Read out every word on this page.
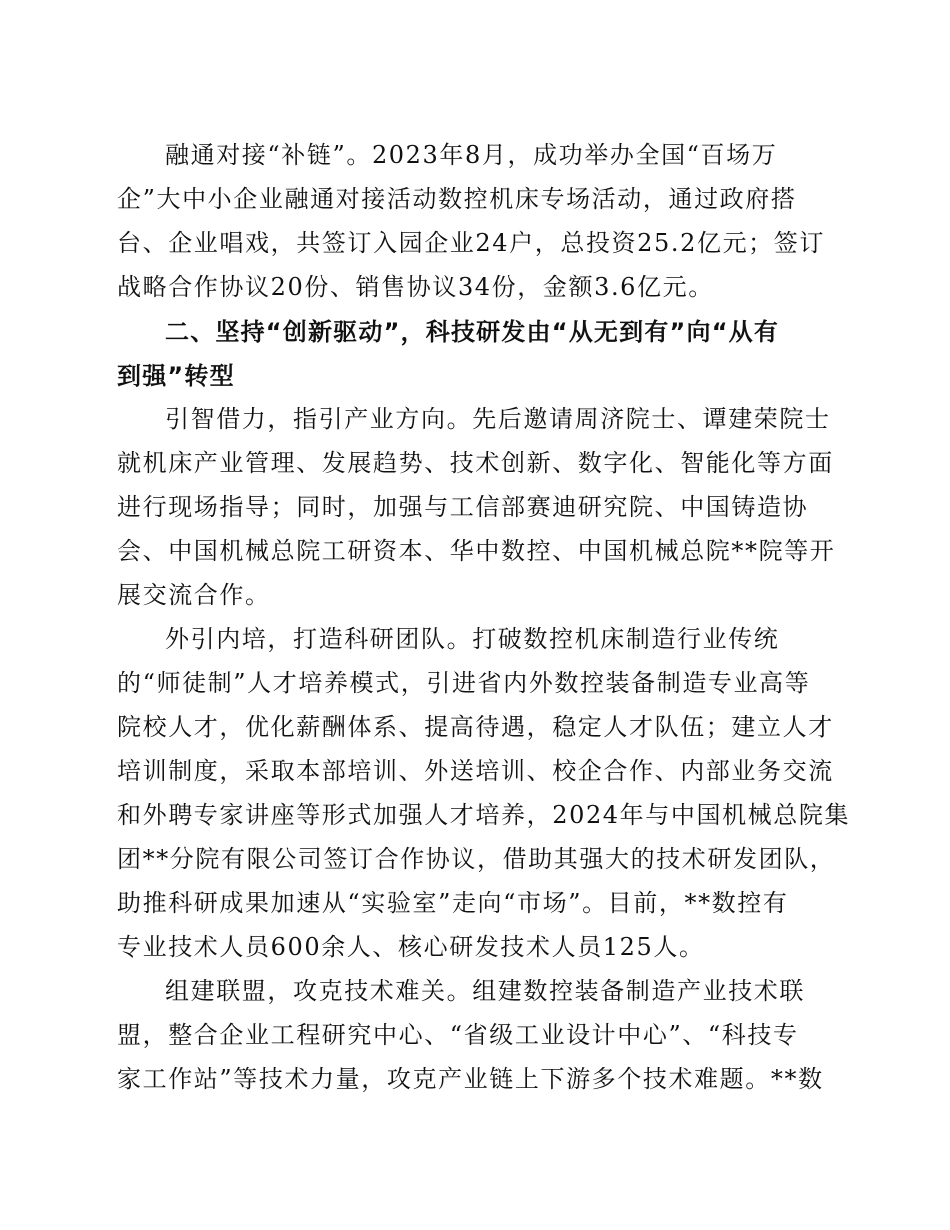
融通对接“补链”。2023年8月，成功举办全国“百场万
企”大中小企业融通对接活动数控机床专场活动，通过政府搭
台、企业唱戏，共签订入园企业24户，总投资25.2亿元；签订
战略合作协议20份、销售协议34份，金额3.6亿元。
二、坚持“创新驱动”，科技研发由“从无到有”向“从有
到强”转型
引智借力，指引产业方向。先后邀请周济院士、谭建荣院士
就机床产业管理、发展趋势、技术创新、数字化、智能化等方面
进行现场指导；同时，加强与工信部赛迪研究院、中国铸造协
会、中国机械总院工研资本、华中数控、中国机械总院**院等开
展交流合作。
外引内培，打造科研团队。打破数控机床制造行业传统
的“师徒制”人才培养模式，引进省内外数控装备制造专业高等
院校人才，优化薪酬体系、提高待遇，稳定人才队伍；建立人才
培训制度，采取本部培训、外送培训、校企合作、内部业务交流
和外聘专家讲座等形式加强人才培养，2024年与中国机械总院集
团**分院有限公司签订合作协议，借助其强大的技术研发团队，
助推科研成果加速从“实验室”走向“市场”。目前，**数控有
专业技术人员600余人、核心研发技术人员125人。
组建联盟，攻克技术难关。组建数控装备制造产业技术联
盟，整合企业工程研究中心、“省级工业设计中心”、“科技专
家工作站”等技术力量，攻克产业链上下游多个技术难题。**数
